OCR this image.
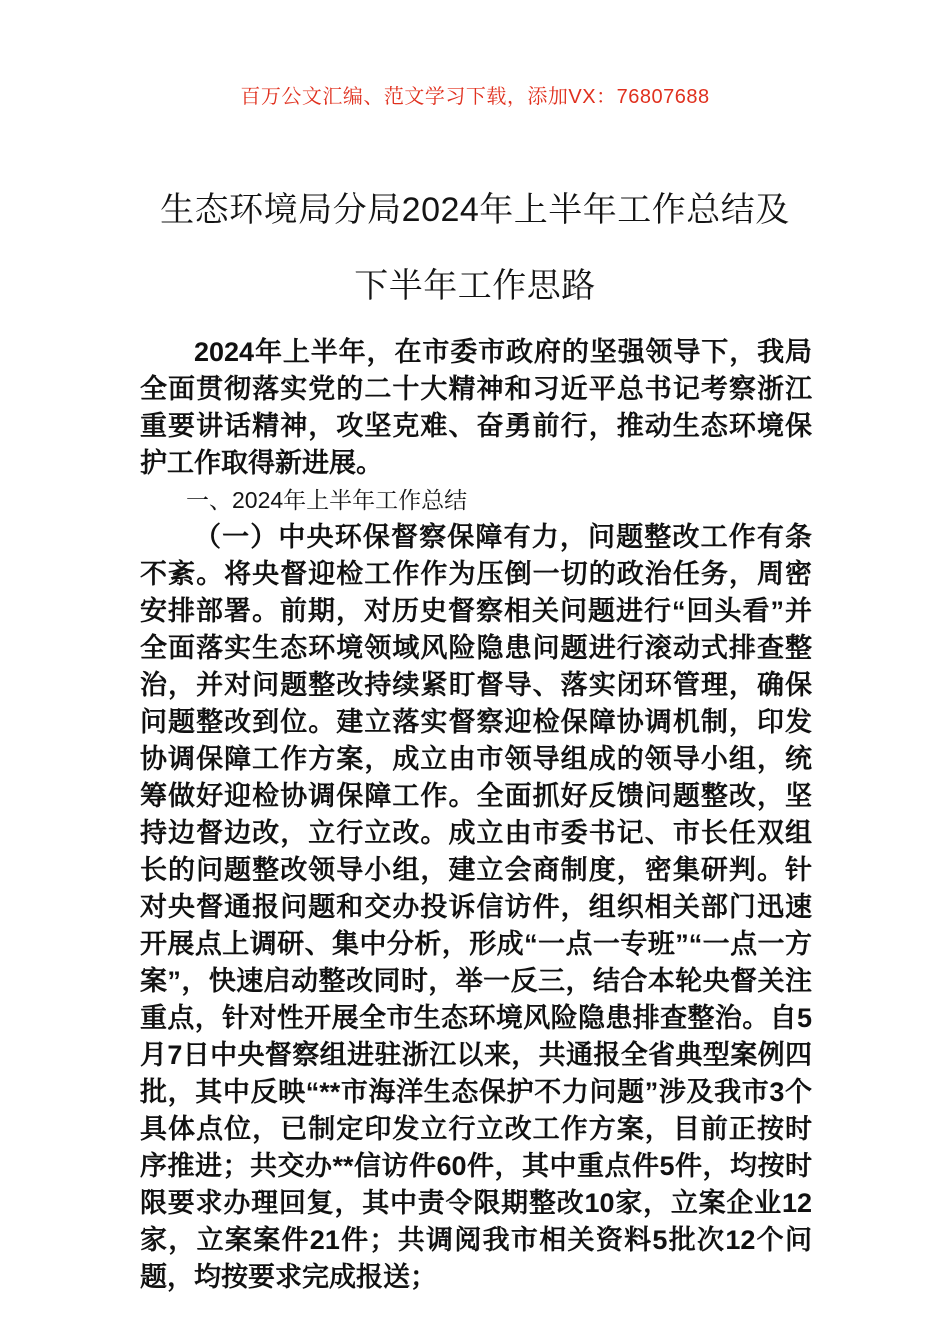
百万公文汇编、范文学习下载，添加VX：76807688
生态环境局分局2024年上半年工作总结及
下半年工作思路

2024年上半年，在市委市政府的坚强领导下，我局全面贯彻落实党的二十大精神和习近平总书记考察浙江重要讲话精神，攻坚克难、奋勇前行，推动生态环境保护工作取得新进展。

一、2024年上半年工作总结

（一）中央环保督察保障有力，问题整改工作有条不紊。将央督迎检工作作为压倒一切的政治任务，周密安排部署。前期，对历史督察相关问题进行“回头看”并全面落实生态环境领域风险隐患问题进行滚动式排查整治，并对问题整改持续紧盯督导、落实闭环管理，确保问题整改到位。建立落实督察迎检保障协调机制，印发协调保障工作方案，成立由市领导组成的领导小组，统筹做好迎检协调保障工作。全面抓好反馈问题整改，坚持边督边改，立行立改。成立由市委书记、市长任双组长的问题整改领导小组，建立会商制度，密集研判。针对央督通报问题和交办投诉信访件，组织相关部门迅速开展点上调研、集中分析，形成“一点一专班”“一点一方案”，快速启动整改同时，举一反三，结合本轮央督关注重点，针对性开展全市生态环境风险隐患排查整治。自5月7日中央督察组进驻浙江以来，共通报全省典型案例四批，其中反映“**市海洋生态保护不力问题”涉及我市3个具体点位，已制定印发立行立改工作方案，目前正按时序推进；共交办**信访件60件，其中重点件5件，均按时限要求办理回复，其中责令限期整改10家，立案企业12家，立案案件21件；共调阅我市相关资料5批次12个问题，均按要求完成报送；
